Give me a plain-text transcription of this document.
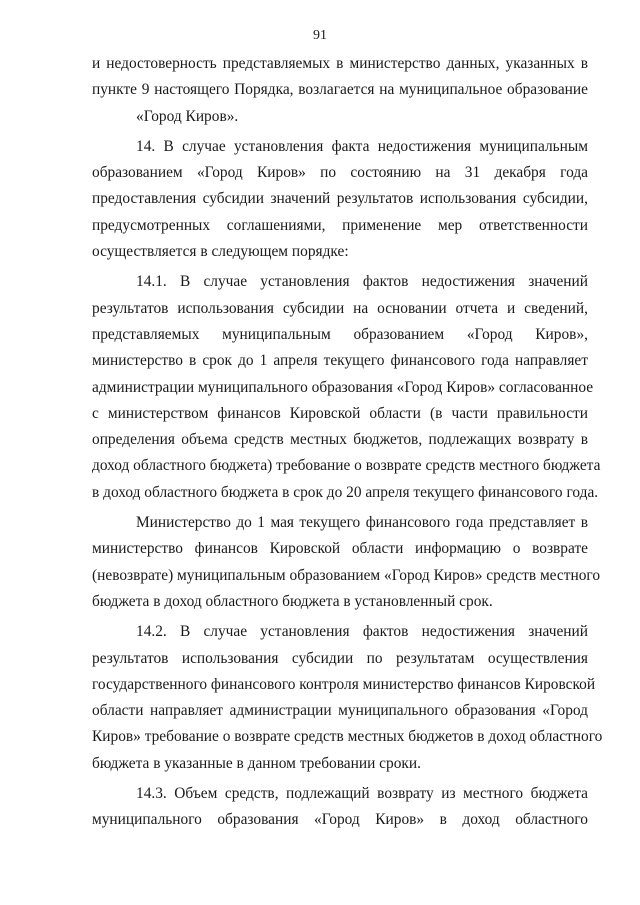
91
и недостоверность представляемых в министерство данных, указанных в
пункте 9 настоящего Порядка, возлагается на муниципальное образование
«Город Киров».
14. В случае установления факта недостижения муниципальным
образованием «Город Киров» по состоянию на 31 декабря года
предоставления субсидии значений результатов использования субсидии,
предусмотренных соглашениями, применение мер ответственности
осуществляется в следующем порядке:
14.1. В случае установления фактов недостижения значений
результатов использования субсидии на основании отчета и сведений,
представляемых муниципальным образованием «Город Киров»,
министерство в срок до 1 апреля текущего финансового года направляет
администрации муниципального образования «Город Киров» согласованное
с министерством финансов Кировской области (в части правильности
определения объема средств местных бюджетов, подлежащих возврату в
доход областного бюджета) требование о возврате средств местного бюджета
в доход областного бюджета в срок до 20 апреля текущего финансового года.
Министерство до 1 мая текущего финансового года представляет в
министерство финансов Кировской области информацию о возврате
(невозврате) муниципальным образованием «Город Киров» средств местного
бюджета в доход областного бюджета в установленный срок.
14.2. В случае установления фактов недостижения значений
результатов использования субсидии по результатам осуществления
государственного финансового контроля министерство финансов Кировской
области направляет администрации муниципального образования «Город
Киров» требование о возврате средств местных бюджетов в доход областного
бюджета в указанные в данном требовании сроки.
14.3. Объем средств, подлежащий возврату из местного бюджета
муниципального образования «Город Киров» в доход областного
